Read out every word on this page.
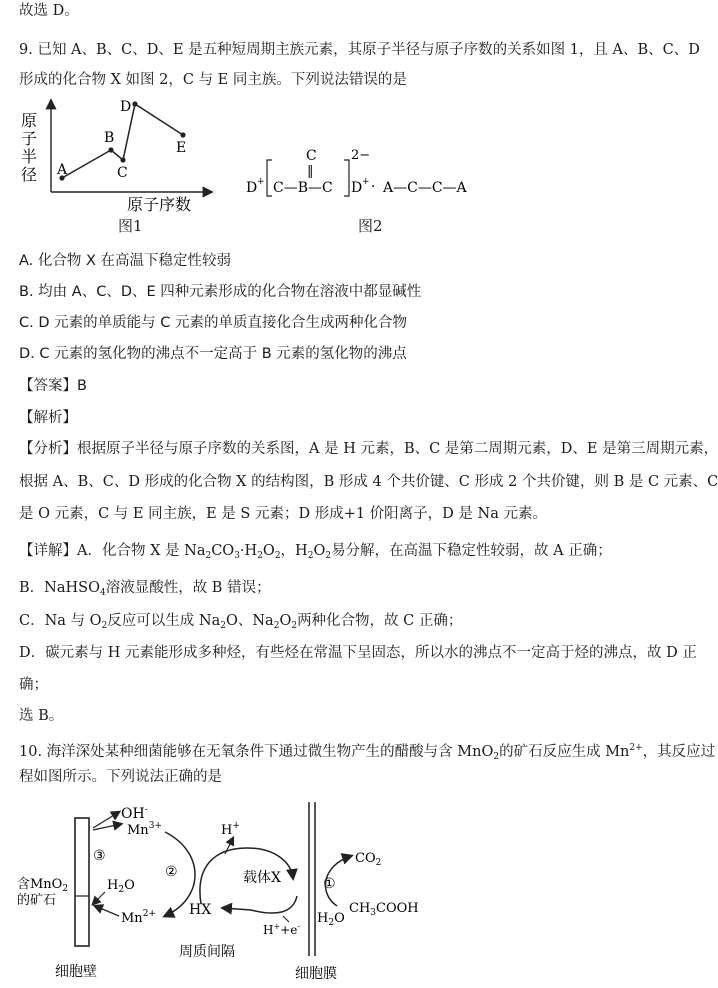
故选 D。
9. 已知 A、B、C、D、E 是五种短周期主族元素，其原子半径与原子序数的关系如图 1，且 A、B、C、D
形成的化合物 X 如图 2，C 与 E 同主族。下列说法错误的是
A
B
C
D
E
原
子
半
径
原子序数
图1
D +
C
‖
C—B—C
2−
D + · A—C—C—A
图2
A. 化合物 X 在高温下稳定性较弱
B. 均由 A、C、D、E 四种元素形成的化合物在溶液中都显碱性
C. D 元素的单质能与 C 元素的单质直接化合生成两种化合物
D. C 元素的氢化物的沸点不一定高于 B 元素的氢化物的沸点
【答案】B
【解析】
【分析】根据原子半径与原子序数的关系图，A 是 H 元素，B、C 是第二周期元素，D、E 是第三周期元素，
根据 A、B、C、D 形成的化合物 X 的结构图，B 形成 4 个共价键、C 形成 2 个共价键，则 B 是 C 元素、C
是 O 元素，C 与 E 同主族，E 是 S 元素；D 形成+1 价阳离子，D 是 Na 元素。
【详解】A．化合物 X 是 $Na_2CO_3\cdot H_2O_2$，$H_2O_2$易分解，在高温下稳定性较弱，故 A 正确；
B．NaHSO$_4$溶液显酸性，故 B 错误；
C．Na 与 $O_2$反应可以生成 $Na_2O$、$Na_2O_2$两种化合物，故 C 正确；
D．碳元素与 H 元素能形成多种烃，有些烃在常温下呈固态，所以水的沸点不一定高于烃的沸点，故 D 正
确；
选 B。
10. 海洋深处某种细菌能够在无氧条件下通过微生物产生的醋酸与含 MnO$_2$的矿石反应生成 $Mn^{2+}$，其反应过
程如图所示。下列说法正确的是
OH-
$Mn^{3+}$
③
含MnO$_2$
的矿石
$H_2O$
$Mn^{2+}$
②
H+
载体X
HX
H++e-
①
$CO_2$
$H_2O$
$CH_3COOH$
细胞壁
周质间隔
细胞膜
